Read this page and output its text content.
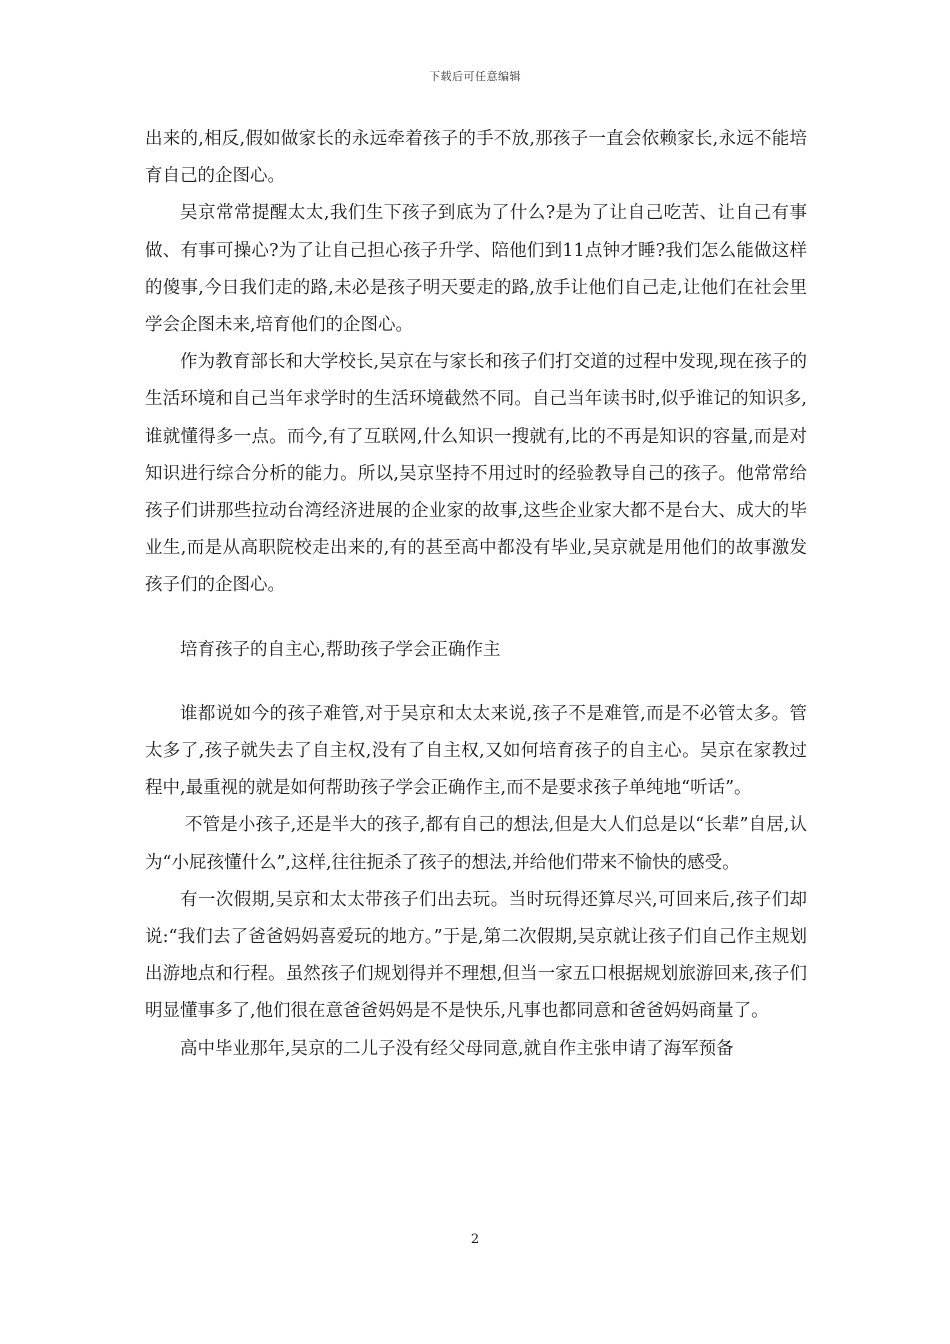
下载后可任意编辑

出来的,相反,假如做家长的永远牵着孩子的手不放,那孩子一直会依赖家长,永远不能培育自己的企图心。

吴京常常提醒太太,我们生下孩子到底为了什么?是为了让自己吃苦、让自己有事做、有事可操心?为了让自己担心孩子升学、陪他们到11点钟才睡?我们怎么能做这样的傻事,今日我们走的路,未必是孩子明天要走的路,放手让他们自己走,让他们在社会里学会企图未来,培育他们的企图心。

作为教育部长和大学校长,吴京在与家长和孩子们打交道的过程中发现,现在孩子的生活环境和自己当年求学时的生活环境截然不同。自己当年读书时,似乎谁记的知识多,谁就懂得多一点。而今,有了互联网,什么知识一搜就有,比的不再是知识的容量,而是对知识进行综合分析的能力。所以,吴京坚持不用过时的经验教导自己的孩子。他常常给孩子们讲那些拉动台湾经济进展的企业家的故事,这些企业家大都不是台大、成大的毕业生,而是从高职院校走出来的,有的甚至高中都没有毕业,吴京就是用他们的故事激发孩子们的企图心。

培育孩子的自主心,帮助孩子学会正确作主

谁都说如今的孩子难管,对于吴京和太太来说,孩子不是难管,而是不必管太多。管太多了,孩子就失去了自主权,没有了自主权,又如何培育孩子的自主心。吴京在家教过程中,最重视的就是如何帮助孩子学会正确作主,而不是要求孩子单纯地“听话”。

不管是小孩子,还是半大的孩子,都有自己的想法,但是大人们总是以“长辈”自居,认为“小屁孩懂什么”,这样,往往扼杀了孩子的想法,并给他们带来不愉快的感受。

有一次假期,吴京和太太带孩子们出去玩。当时玩得还算尽兴,可回来后,孩子们却说:“我们去了爸爸妈妈喜爱玩的地方。”于是,第二次假期,吴京就让孩子们自己作主规划出游地点和行程。虽然孩子们规划得并不理想,但当一家五口根据规划旅游回来,孩子们明显懂事多了,他们很在意爸爸妈妈是不是快乐,凡事也都同意和爸爸妈妈商量了。

高中毕业那年,吴京的二儿子没有经父母同意,就自作主张申请了海军预备

2
